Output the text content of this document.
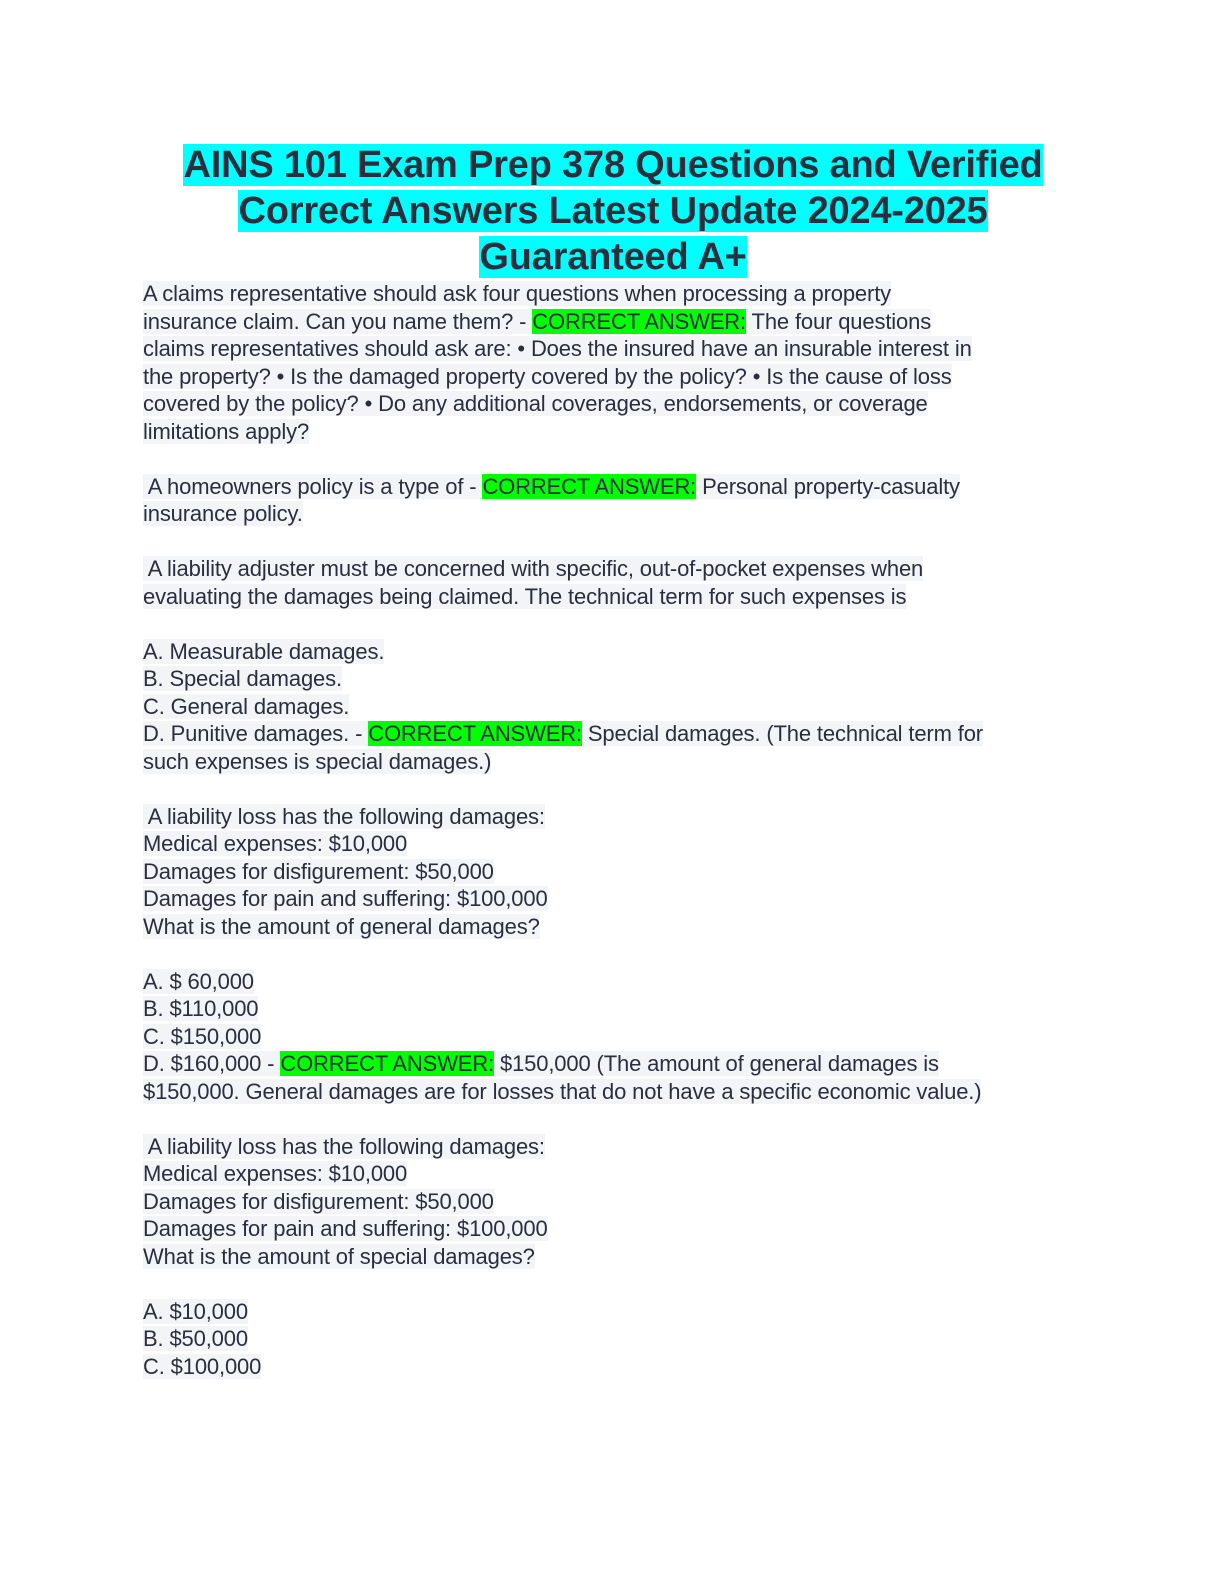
AINS 101 Exam Prep 378 Questions and Verified
Correct Answers Latest Update 2024-2025
Guaranteed A+
A claims representative should ask four questions when processing a property
insurance claim. Can you name them? - CORRECT ANSWER: The four questions
claims representatives should ask are: • Does the insured have an insurable interest in
the property? • Is the damaged property covered by the policy? • Is the cause of loss
covered by the policy? • Do any additional coverages, endorsements, or coverage
limitations apply?
A homeowners policy is a type of - CORRECT ANSWER: Personal property-casualty
insurance policy.
A liability adjuster must be concerned with specific, out-of-pocket expenses when
evaluating the damages being claimed. The technical term for such expenses is
A. Measurable damages.
B. Special damages.
C. General damages.
D. Punitive damages. - CORRECT ANSWER: Special damages. (The technical term for
such expenses is special damages.)
A liability loss has the following damages:
Medical expenses: $10,000
Damages for disfigurement: $50,000
Damages for pain and suffering: $100,000
What is the amount of general damages?
A. $ 60,000
B. $110,000
C. $150,000
D. $160,000 - CORRECT ANSWER: $150,000 (The amount of general damages is
$150,000. General damages are for losses that do not have a specific economic value.)
A liability loss has the following damages:
Medical expenses: $10,000
Damages for disfigurement: $50,000
Damages for pain and suffering: $100,000
What is the amount of special damages?
A. $10,000
B. $50,000
C. $100,000
